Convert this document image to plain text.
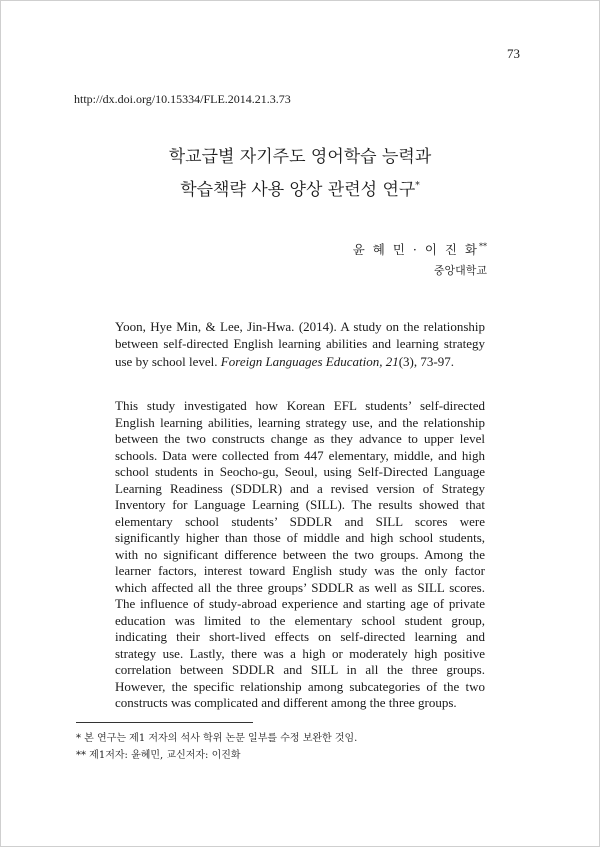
73
http://dx.doi.org/10.15334/FLE.2014.21.3.73
학교급별 자기주도 영어학습 능력과
학습책략 사용 양상 관련성 연구*
윤 혜 민 · 이 진 화**
중앙대학교
Yoon, Hye Min, & Lee, Jin-Hwa. (2014). A study on the relationship between self-directed English learning abilities and learning strategy use by school level. Foreign Languages Education, 21(3), 73-97.
This study investigated how Korean EFL students’ self-directed English learning abilities, learning strategy use, and the relationship between the two constructs change as they advance to upper level schools. Data were collected from 447 elementary, middle, and high school students in Seocho-gu, Seoul, using Self-Directed Language Learning Readiness (SDDLR) and a revised version of Strategy Inventory for Language Learning (SILL). The results showed that elementary school students’ SDDLR and SILL scores were significantly higher than those of middle and high school students, with no significant difference between the two groups. Among the learner factors, interest toward English study was the only factor which affected all the three groups’ SDDLR as well as SILL scores. The influence of study-abroad experience and starting age of private education was limited to the elementary school student group, indicating their short-lived effects on self-directed learning and strategy use. Lastly, there was a high or moderately high positive correlation between SDDLR and SILL in all the three groups. However, the specific relationship among subcategories of the two constructs was complicated and different among the three groups.
* 본 연구는 제1 저자의 석사 학위 논문 일부를 수정 보완한 것임.
** 제1저자: 윤혜민, 교신저자: 이진화
